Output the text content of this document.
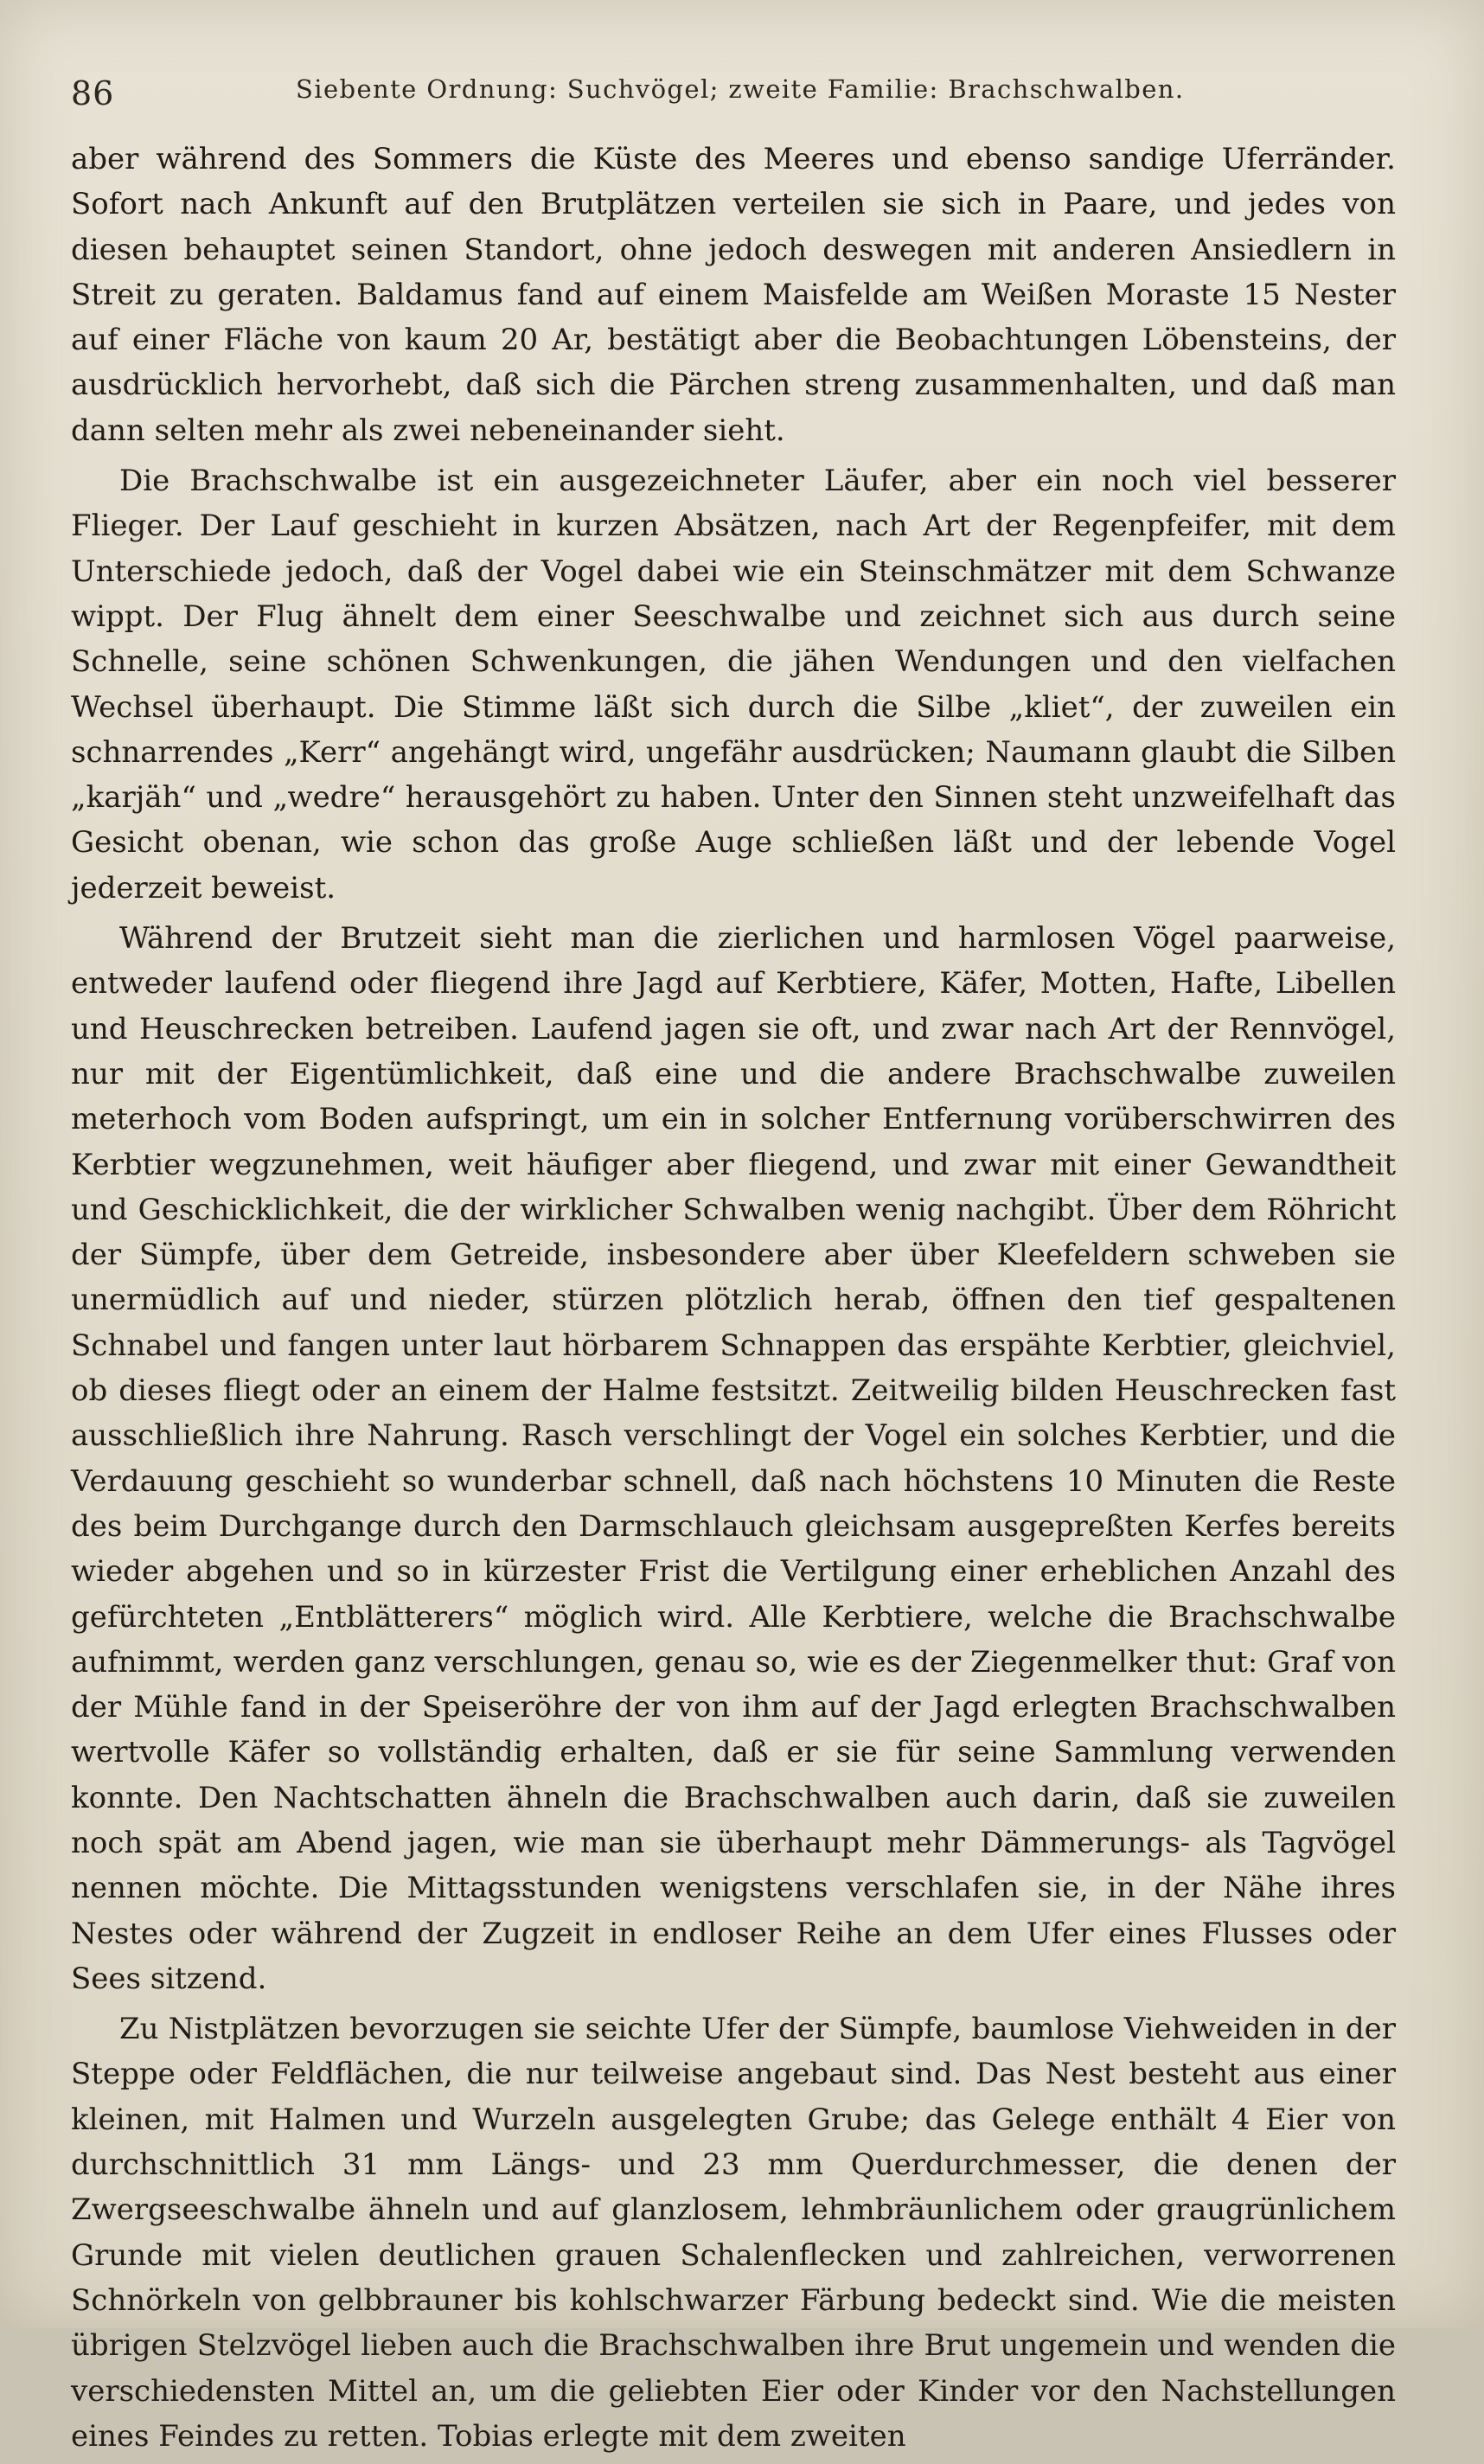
86	Siebente Ordnung: Suchvögel; zweite Familie: Brachschwalben.

aber während des Sommers die Küste des Meeres und ebenso sandige Uferränder. Sofort nach Ankunft auf den Brutplätzen verteilen sie sich in Paare, und jedes von diesen behauptet seinen Standort, ohne jedoch deswegen mit anderen Ansiedlern in Streit zu geraten. Baldamus fand auf einem Maisfelde am Weißen Moraste 15 Nester auf einer Fläche von kaum 20 Ar, bestätigt aber die Beobachtungen Löbensteins, der ausdrücklich hervorhebt, daß sich die Pärchen streng zusammenhalten, und daß man dann selten mehr als zwei nebeneinander sieht.

Die Brachschwalbe ist ein ausgezeichneter Läufer, aber ein noch viel besserer Flieger. Der Lauf geschieht in kurzen Absätzen, nach Art der Regenpfeifer, mit dem Unterschiede jedoch, daß der Vogel dabei wie ein Steinschmätzer mit dem Schwanze wippt. Der Flug ähnelt dem einer Seeschwalbe und zeichnet sich aus durch seine Schnelle, seine schönen Schwenkungen, die jähen Wendungen und den vielfachen Wechsel überhaupt. Die Stimme läßt sich durch die Silbe „kliet“, der zuweilen ein schnarrendes „Kerr“ angehängt wird, ungefähr ausdrücken; Naumann glaubt die Silben „karjäh“ und „wedre“ herausgehört zu haben. Unter den Sinnen steht unzweifelhaft das Gesicht obenan, wie schon das große Auge schließen läßt und der lebende Vogel jederzeit beweist.

Während der Brutzeit sieht man die zierlichen und harmlosen Vögel paarweise, entweder laufend oder fliegend ihre Jagd auf Kerbtiere, Käfer, Motten, Hafte, Libellen und Heuschrecken betreiben. Laufend jagen sie oft, und zwar nach Art der Rennvögel, nur mit der Eigentümlichkeit, daß eine und die andere Brachschwalbe zuweilen meterhoch vom Boden aufspringt, um ein in solcher Entfernung vorüberschwirren des Kerbtier wegzunehmen, weit häufiger aber fliegend, und zwar mit einer Gewandtheit und Geschicklichkeit, die der wirklicher Schwalben wenig nachgibt. Über dem Röhricht der Sümpfe, über dem Getreide, insbesondere aber über Kleefeldern schweben sie unermüdlich auf und nieder, stürzen plötzlich herab, öffnen den tief gespaltenen Schnabel und fangen unter laut hörbarem Schnappen das erspähte Kerbtier, gleichviel, ob dieses fliegt oder an einem der Halme festsitzt. Zeitweilig bilden Heuschrecken fast ausschließlich ihre Nahrung. Rasch verschlingt der Vogel ein solches Kerbtier, und die Verdauung geschieht so wunderbar schnell, daß nach höchstens 10 Minuten die Reste des beim Durchgange durch den Darmschlauch gleichsam ausgepreßten Kerfes bereits wieder abgehen und so in kürzester Frist die Vertilgung einer erheblichen Anzahl des gefürchteten „Entblätterers“ möglich wird. Alle Kerbtiere, welche die Brachschwalbe aufnimmt, werden ganz verschlungen, genau so, wie es der Ziegenmelker thut: Graf von der Mühle fand in der Speiseröhre der von ihm auf der Jagd erlegten Brachschwalben wertvolle Käfer so vollständig erhalten, daß er sie für seine Sammlung verwenden konnte. Den Nachtschatten ähneln die Brachschwalben auch darin, daß sie zuweilen noch spät am Abend jagen, wie man sie überhaupt mehr Dämmerungs- als Tagvögel nennen möchte. Die Mittagsstunden wenigstens verschlafen sie, in der Nähe ihres Nestes oder während der Zugzeit in endloser Reihe an dem Ufer eines Flusses oder Sees sitzend.

Zu Nistplätzen bevorzugen sie seichte Ufer der Sümpfe, baumlose Viehweiden in der Steppe oder Feldflächen, die nur teilweise angebaut sind. Das Nest besteht aus einer kleinen, mit Halmen und Wurzeln ausgelegten Grube; das Gelege enthält 4 Eier von durchschnittlich 31 mm Längs- und 23 mm Querdurchmesser, die denen der Zwergseeschwalbe ähneln und auf glanzlosem, lehmbräunlichem oder graugrünlichem Grunde mit vielen deutlichen grauen Schalenflecken und zahlreichen, verworrenen Schnörkeln von gelbbrauner bis kohlschwarzer Färbung bedeckt sind. Wie die meisten übrigen Stelzvögel lieben auch die Brachschwalben ihre Brut ungemein und wenden die verschiedensten Mittel an, um die geliebten Eier oder Kinder vor den Nachstellungen eines Feindes zu retten. Tobias erlegte mit dem zweiten
